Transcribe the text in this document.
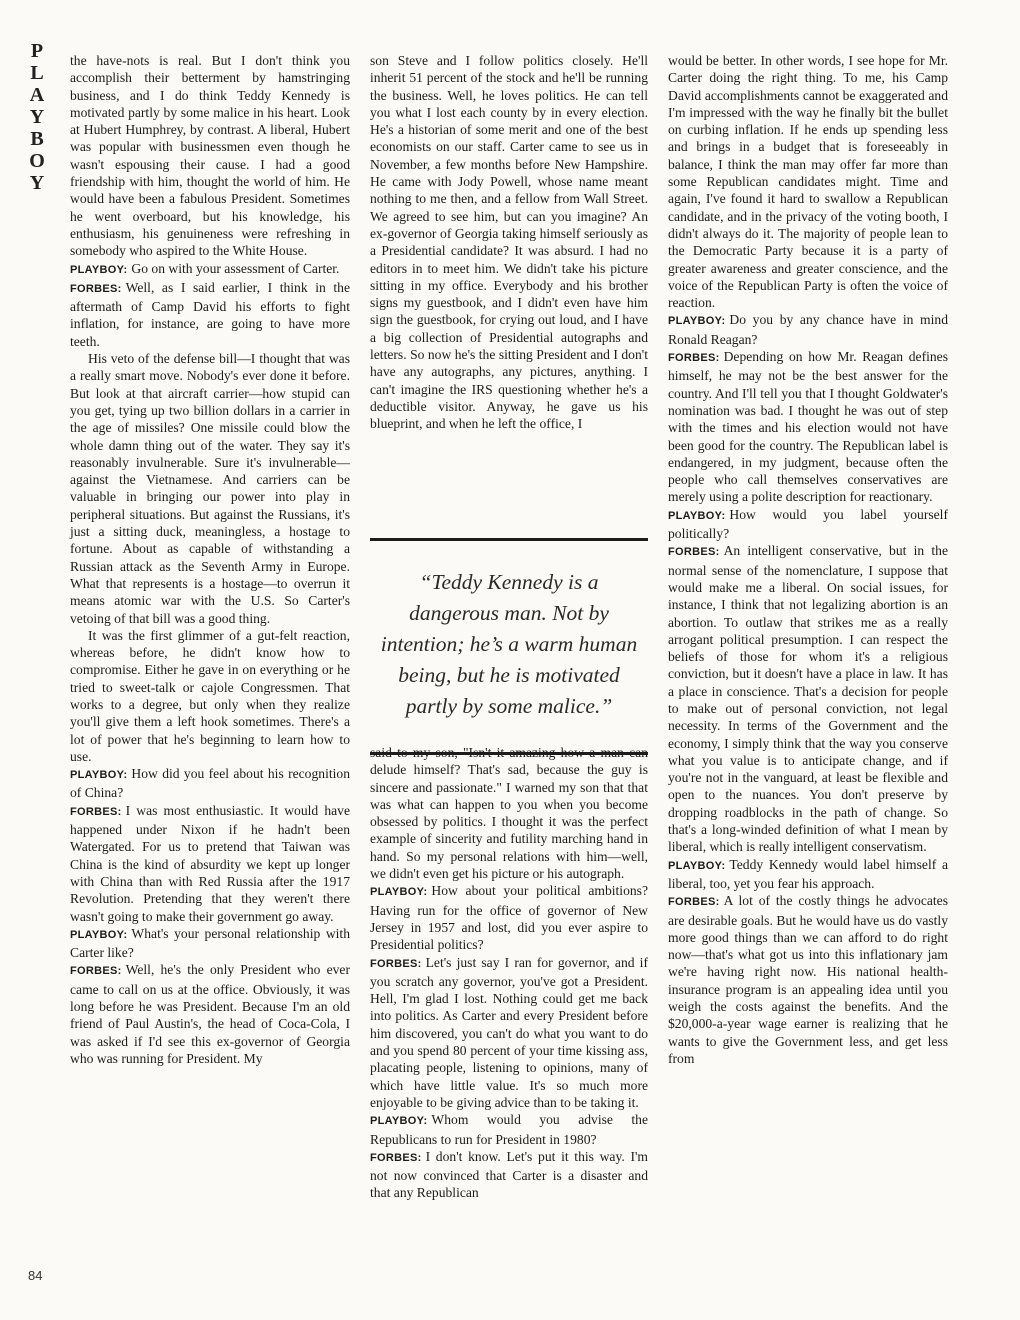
P
L
A
Y
B
O
Y

the have-nots is real. But I don't think you accomplish their betterment by hamstringing business, and I do think Teddy Kennedy is motivated partly by some malice in his heart. Look at Hubert Humphrey, by contrast. A liberal, Hubert was popular with businessmen even though he wasn't espousing their cause. I had a good friendship with him, thought the world of him. He would have been a fabulous President. Sometimes he went overboard, but his knowledge, his enthusiasm, his genuineness were refreshing in somebody who aspired to the White House.

PLAYBOY: Go on with your assessment of Carter.

FORBES: Well, as I said earlier, I think in the aftermath of Camp David his efforts to fight inflation, for instance, are going to have more teeth.

His veto of the defense bill—I thought that was a really smart move. Nobody's ever done it before. But look at that aircraft carrier—how stupid can you get, tying up two billion dollars in a carrier in the age of missiles? One missile could blow the whole damn thing out of the water. They say it's reasonably invulnerable. Sure it's invulnerable—against the Vietnamese. And carriers can be valuable in bringing our power into play in peripheral situations. But against the Russians, it's just a sitting duck, meaningless, a hostage to fortune. About as capable of withstanding a Russian attack as the Seventh Army in Europe. What that represents is a hostage—to overrun it means atomic war with the U.S. So Carter's vetoing of that bill was a good thing.

It was the first glimmer of a gut-felt reaction, whereas before, he didn't know how to compromise. Either he gave in on everything or he tried to sweet-talk or cajole Congressmen. That works to a degree, but only when they realize you'll give them a left hook sometimes. There's a lot of power that he's beginning to learn how to use.

PLAYBOY: How did you feel about his recognition of China?

FORBES: I was most enthusiastic. It would have happened under Nixon if he hadn't been Watergated. For us to pretend that Taiwan was China is the kind of absurdity we kept up longer with China than with Red Russia after the 1917 Revolution. Pretending that they weren't there wasn't going to make their government go away.

PLAYBOY: What's your personal relationship with Carter like?

FORBES: Well, he's the only President who ever came to call on us at the office. Obviously, it was long before he was President. Because I'm an old friend of Paul Austin's, the head of Coca-Cola, I was asked if I'd see this ex-governor of Georgia who was running for President. My

son Steve and I follow politics closely. He'll inherit 51 percent of the stock and he'll be running the business. Well, he loves politics. He can tell you what I lost each county by in every election. He's a historian of some merit and one of the best economists on our staff. Carter came to see us in November, a few months before New Hampshire. He came with Jody Powell, whose name meant nothing to me then, and a fellow from Wall Street. We agreed to see him, but can you imagine? An ex-governor of Georgia taking himself seriously as a Presidential candidate? It was absurd. I had no editors in to meet him. We didn't take his picture sitting in my office. Everybody and his brother signs my guestbook, and I didn't even have him sign the guestbook, for crying out loud, and I have a big collection of Presidential autographs and letters. So now he's the sitting President and I don't have any autographs, any pictures, anything. I can't imagine the IRS questioning whether he's a deductible visitor. Anyway, he gave us his blueprint, and when he left the office, I

“Teddy Kennedy is a dangerous man. Not by intention; he’s a warm human being, but he is motivated partly by some malice.”

said to my son, "Isn't it amazing how a man can delude himself? That's sad, because the guy is sincere and passionate." I warned my son that that was what can happen to you when you become obsessed by politics. I thought it was the perfect example of sincerity and futility marching hand in hand. So my personal relations with him—well, we didn't even get his picture or his autograph.

PLAYBOY: How about your political ambitions? Having run for the office of governor of New Jersey in 1957 and lost, did you ever aspire to Presidential politics?

FORBES: Let's just say I ran for governor, and if you scratch any governor, you've got a President. Hell, I'm glad I lost. Nothing could get me back into politics. As Carter and every President before him discovered, you can't do what you want to do and you spend 80 percent of your time kissing ass, placating people, listening to opinions, many of which have little value. It's so much more enjoyable to be giving advice than to be taking it.

PLAYBOY: Whom would you advise the Republicans to run for President in 1980?

FORBES: I don't know. Let's put it this way. I'm not now convinced that Carter is a disaster and that any Republican

would be better. In other words, I see hope for Mr. Carter doing the right thing. To me, his Camp David accomplishments cannot be exaggerated and I'm impressed with the way he finally bit the bullet on curbing inflation. If he ends up spending less and brings in a budget that is foreseeably in balance, I think the man may offer far more than some Republican candidates might. Time and again, I've found it hard to swallow a Republican candidate, and in the privacy of the voting booth, I didn't always do it. The majority of people lean to the Democratic Party because it is a party of greater awareness and greater conscience, and the voice of the Republican Party is often the voice of reaction.

PLAYBOY: Do you by any chance have in mind Ronald Reagan?

FORBES: Depending on how Mr. Reagan defines himself, he may not be the best answer for the country. And I'll tell you that I thought Goldwater's nomination was bad. I thought he was out of step with the times and his election would not have been good for the country. The Republican label is endangered, in my judgment, because often the people who call themselves conservatives are merely using a polite description for reactionary.

PLAYBOY: How would you label yourself politically?

FORBES: An intelligent conservative, but in the normal sense of the nomenclature, I suppose that would make me a liberal. On social issues, for instance, I think that not legalizing abortion is an abortion. To outlaw that strikes me as a really arrogant political presumption. I can respect the beliefs of those for whom it's a religious conviction, but it doesn't have a place in law. It has a place in conscience. That's a decision for people to make out of personal conviction, not legal necessity. In terms of the Government and the economy, I simply think that the way you conserve what you value is to anticipate change, and if you're not in the vanguard, at least be flexible and open to the nuances. You don't preserve by dropping roadblocks in the path of change. So that's a long-winded definition of what I mean by liberal, which is really intelligent conservatism.

PLAYBOY: Teddy Kennedy would label himself a liberal, too, yet you fear his approach.

FORBES: A lot of the costly things he advocates are desirable goals. But he would have us do vastly more good things than we can afford to do right now—that's what got us into this inflationary jam we're having right now. His national health-insurance program is an appealing idea until you weigh the costs against the benefits. And the $20,000-a-year wage earner is realizing that he wants to give the Government less, and get less from

84
